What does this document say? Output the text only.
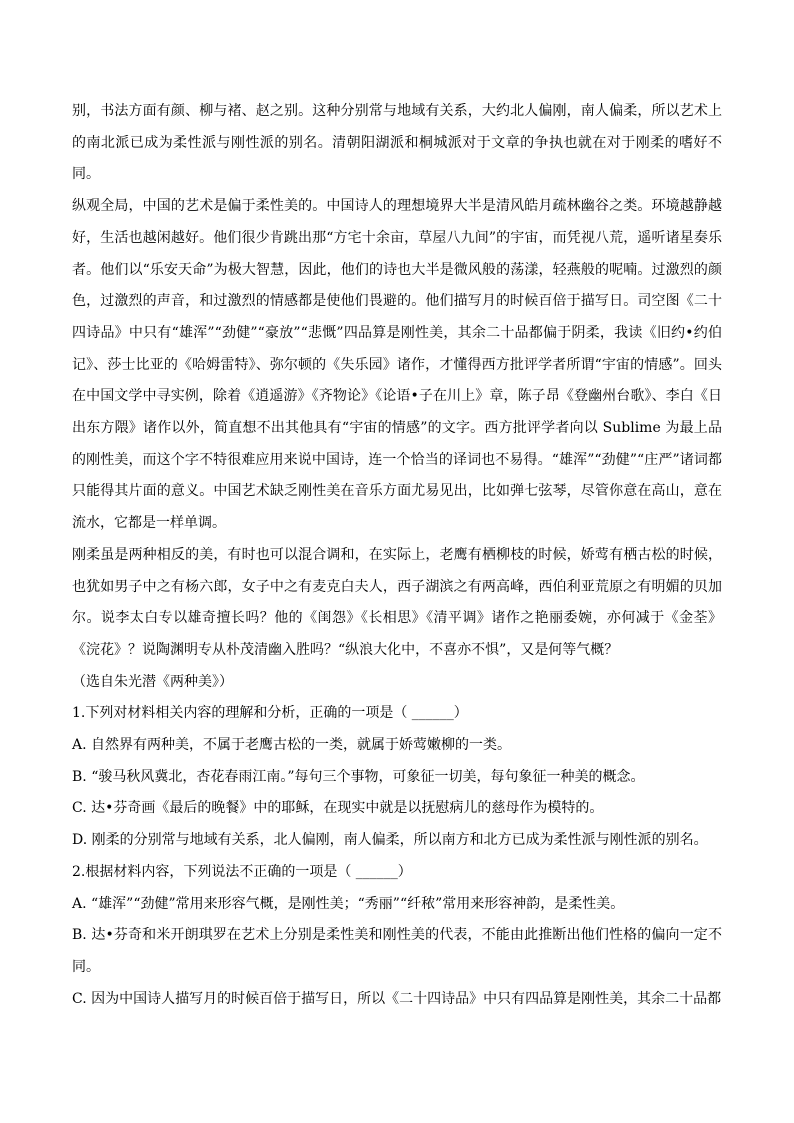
别，书法方面有颜、柳与褚、赵之别。这种分别常与地域有关系，大约北人偏刚，南人偏柔，所以艺术上的南北派已成为柔性派与刚性派的别名。清朝阳湖派和桐城派对于文章的争执也就在对于刚柔的嗜好不同。

纵观全局，中国的艺术是偏于柔性美的。中国诗人的理想境界大半是清风皓月疏林幽谷之类。环境越静越好，生活也越闲越好。他们很少肯跳出那“方宅十余亩，草屋八九间”的宇宙，而凭视八荒，遥听诸星奏乐者。他们以“乐安天命”为极大智慧，因此，他们的诗也大半是微风般的荡漾，轻燕般的呢喃。过激烈的颜色，过激烈的声音，和过激烈的情感都是使他们畏避的。他们描写月的时候百倍于描写日。司空图《二十四诗品》中只有“雄浑”“劲健”“豪放”“悲慨”四品算是刚性美，其余二十品都偏于阴柔，我读《旧约•约伯记》、莎士比亚的《哈姆雷特》、弥尔顿的《失乐园》诸作，才懂得西方批评学者所谓“宇宙的情感”。回头在中国文学中寻实例，除着《逍遥游》《齐物论》《论语•子在川上》章，陈子昂《登幽州台歌》、李白《日出东方隈》诸作以外，简直想不出其他具有“宇宙的情感”的文字。西方批评学者向以 Sublime 为最上品的刚性美，而这个字不特很难应用来说中国诗，连一个恰当的译词也不易得。“雄浑”“劲健”“庄严”诸词都只能得其片面的意义。中国艺术缺乏刚性美在音乐方面尤易见出，比如弹七弦琴，尽管你意在高山，意在流水，它都是一样单调。

刚柔虽是两种相反的美，有时也可以混合调和，在实际上，老鹰有栖柳枝的时候，娇莺有栖古松的时候，也犹如男子中之有杨六郎，女子中之有麦克白夫人，西子湖滨之有两高峰，西伯利亚荒原之有明媚的贝加尔。说李太白专以雄奇擅长吗？他的《闺怨》《长相思》《清平调》诸作之艳丽委婉，亦何减于《金荃》《浣花》？说陶渊明专从朴茂清幽入胜吗？“纵浪大化中，不喜亦不惧”，又是何等气概？

（选自朱光潜《两种美》）

1.下列对材料相关内容的理解和分析，正确的一项是（ ______）

A. 自然界有两种美，不属于老鹰古松的一类，就属于娇莺嫩柳的一类。

B. “骏马秋风冀北，杏花春雨江南。”每句三个事物，可象征一切美，每句象征一种美的概念。

C. 达•芬奇画《最后的晚餐》中的耶稣，在现实中就是以抚慰病儿的慈母作为模特的。

D. 刚柔的分别常与地域有关系，北人偏刚，南人偏柔，所以南方和北方已成为柔性派与刚性派的别名。

2.根据材料内容，下列说法不正确的一项是（ ______）

A. “雄浑”“劲健”常用来形容气概，是刚性美；“秀丽”“纤秾”常用来形容神韵，是柔性美。

B. 达•芬奇和米开朗琪罗在艺术上分别是柔性美和刚性美的代表，不能由此推断出他们性格的偏向一定不同。

C. 因为中国诗人描写月的时候百倍于描写日，所以《二十四诗品》中只有四品算是刚性美，其余二十品都
